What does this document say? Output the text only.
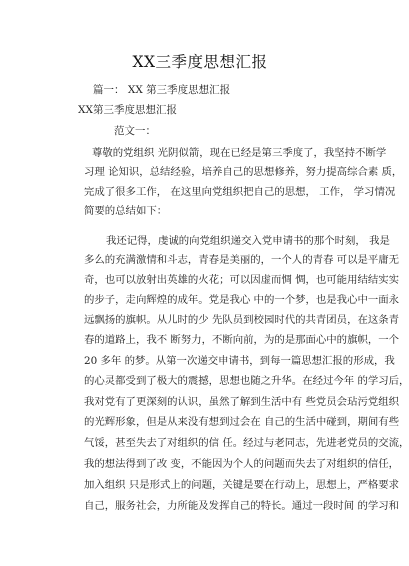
XX三季度思想汇报
篇一： XX 第三季度思想汇报
XX第三季度思想汇报
范文一：
尊敬的党组织 光阴似箭，现在已经是第三季度了，我坚持不断学
习理 论知识，总结经验，培养自己的思想修养，努力提高综合素 质，
完成了很多工作， 在这里向党组织把自己的思想， 工作， 学习情况
简要的总结如下：
我还记得，虔诚的向党组织递交入党申请书的那个时刻， 我是
多么的充满激情和斗志，青春是美丽的，一个人的青春 可以是平庸无
奇，也可以放射出英雄的火花；可以因虚而惆 惆，也可能用结结实实
的步子，走向辉煌的成年。党是我心 中的一个梦，也是我心中一面永
远飘扬的旗帜。从儿时的少 先队员到校园时代的共青团员，在这条青
春的道路上，我不 断努力，不断向前，为的是那面心中的旗帜，一个
20 多年 的梦。从第一次递交申请书，到每一篇思想汇报的形成，我
的心灵都受到了极大的震撼，思想也随之升华。在经过今年 的学习后，
我对党有了更深刻的认识，虽然了解到生活中有 些党员会玷污党组织
的光辉形象，但是从来没有想到过会在 自己的生活中碰到，期间有些
气馁，甚至失去了对组织的信 任。经过与老同志，先进老党员的交流，
我的想法得到了改 变，不能因为个人的问题而失去了对组织的信任，
加入组织 只是形式上的问题，关键是要在行动上，思想上，严格要求
自己，服务社会，力所能及发挥自己的特长。通过一段时间 的学习和
